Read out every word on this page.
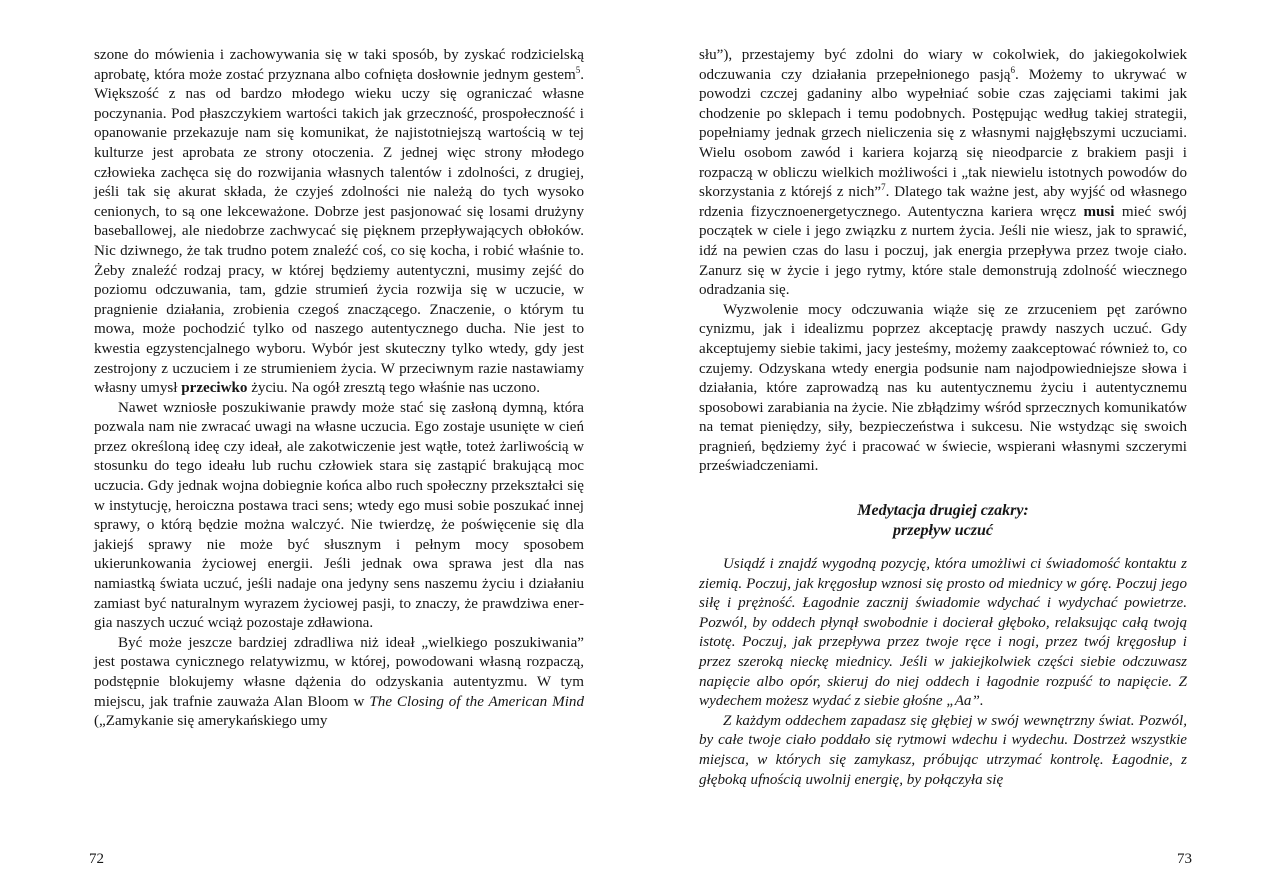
szone do mówienia i zachowywania się w taki sposób, by zyskać rodzicielską aprobatę, która może zostać przyznana albo cofnięta dosłownie jednym gestem$^5$. Większość z nas od bardzo młodego wieku uczy się ograniczać własne poczynania. Pod płaszczykiem wartości takich jak grzeczność, prospołeczność i opanowanie przekazuje nam się komunikat, że najistotniejszą wartością w tej kulturze jest aprobata ze strony otoczenia. Z jednej więc strony młodego człowieka zachęca się do rozwijania własnych talentów i zdolności, z drugiej, jeśli tak się akurat składa, że czyjeś zdolności nie należą do tych wysoko cenionych, to są one lekceważone. Dobrze jest pasjonować się losami drużyny baseballowej, ale niedobrze zachwycać się pięknem przepływających obłoków. Nic dziwnego, że tak trudno potem znaleźć coś, co się kocha, i robić właśnie to. Żeby znaleźć rodzaj pracy, w której będziemy autentyczni, musimy zejść do poziomu odczuwania, tam, gdzie strumień życia rozwija się w uczucie, w pragnienie działania, zrobienia czegoś znaczącego. Znaczenie, o którym tu mowa, może pochodzić tylko od naszego autentycznego ducha. Nie jest to kwestia egzystencjalnego wyboru. Wybór jest skuteczny tylko wtedy, gdy jest zestrojony z uczuciem i ze strumieniem życia. W przeciwnym razie nastawiamy własny umysł przeciwko życiu. Na ogół zresztą tego właśnie nas uczono.

Nawet wzniosłe poszukiwanie prawdy może stać się zasłoną dymną, która pozwala nam nie zwracać uwagi na własne uczucia. Ego zostaje usunięte w cień przez określoną ideę czy ideał, ale zakotwiczenie jest wątłe, toteż żarliwością w stosunku do tego ideału lub ruchu człowiek stara się zastąpić brakującą moc uczucia. Gdy jednak wojna dobiegnie końca albo ruch społeczny przekształci się w instytucję, heroiczna postawa traci sens; wtedy ego musi sobie poszukać innej sprawy, o którą będzie można walczyć. Nie twierdzę, że poświęcenie się dla jakiejś sprawy nie może być słusznym i pełnym mocy sposobem ukierunkowania życiowej energii. Jeśli jednak owa sprawa jest dla nas namiastką świata uczuć, jeśli nadaje ona jedyny sens naszemu życiu i działaniu zamiast być naturalnym wyrazem życiowej pasji, to znaczy, że prawdziwa energia naszych uczuć wciąż pozostaje zdławiona.

Być może jeszcze bardziej zdradliwa niż ideał „wielkiego poszukiwania” jest postawa cynicznego relatywizmu, w której, powodowani własną rozpaczą, podstępnie blokujemy własne dążenia do odzyskania autentyzmu. W tym miejscu, jak trafnie zauważa Alan Bloom w The Closing of the American Mind („Zamykanie się amerykańskiego umy

72

słu”), przestajemy być zdolni do wiary w cokolwiek, do jakiegokolwiek odczuwania czy działania przepełnionego pasją$^6$. Możemy to ukrywać w powodzi czczej gadaniny albo wypełniać sobie czas zajęciami takimi jak chodzenie po sklepach i temu podobnych. Postępując według takiej strategii, popełniamy jednak grzech nieliczenia się z własnymi najgłębszymi uczuciami. Wielu osobom zawód i kariera kojarzą się nieodparcie z brakiem pasji i rozpaczą w obliczu wielkich możliwości i „tak niewielu istotnych powodów do skorzystania z którejś z nich”$^7$. Dlatego tak ważne jest, aby wyjść od własnego rdzenia fizycznoenergetycznego. Autentyczna kariera wręcz musi mieć swój początek w ciele i jego związku z nurtem życia. Jeśli nie wiesz, jak to sprawić, idź na pewien czas do lasu i poczuj, jak energia przepływa przez twoje ciało. Zanurz się w życie i jego rytmy, które stale demonstrują zdolność wiecznego odradzania się.

Wyzwolenie mocy odczuwania wiąże się ze zrzuceniem pęt zarówno cynizmu, jak i idealizmu poprzez akceptację prawdy naszych uczuć. Gdy akceptujemy siebie takimi, jacy jesteśmy, możemy zaakceptować również to, co czujemy. Odzyskana wtedy energia podsunie nam najodpowiedniejsze słowa i działania, które zaprowadzą nas ku autentycznemu życiu i autentycznemu sposobowi zarabiania na życie. Nie zbłądzimy wśród sprzecznych komunikatów na temat pieniędzy, siły, bezpieczeństwa i sukcesu. Nie wstydząc się swoich pragnień, będziemy żyć i pracować w świecie, wspierani własnymi szczerymi przeświadczeniami.

Medytacja drugiej czakry:
przepływ uczuć

Usiądź i znajdź wygodną pozycję, która umożliwi ci świadomość kontaktu z ziemią. Poczuj, jak kręgosłup wznosi się prosto od miednicy w górę. Poczuj jego siłę i prężność. Łagodnie zacznij świadomie wdychać i wydychać powietrze. Pozwól, by oddech płynął swobodnie i docierał głęboko, relaksując całą twoją istotę. Poczuj, jak przepływa przez twoje ręce i nogi, przez twój kręgosłup i przez szeroką nieckę miednicy. Jeśli w jakiejkolwiek części siebie odczuwasz napięcie albo opór, skieruj do niej oddech i łagodnie rozpuść to napięcie. Z wydechem możesz wydać z siebie głośne „Aa”.

Z każdym oddechem zapadasz się głębiej w swój wewnętrzny świat. Pozwól, by całe twoje ciało poddało się rytmowi wdechu i wydechu. Dostrzeż wszystkie miejsca, w których się zamykasz, próbując utrzymać kontrolę. Łagodnie, z głęboką ufnością uwolnij energię, by połączyła się

73
